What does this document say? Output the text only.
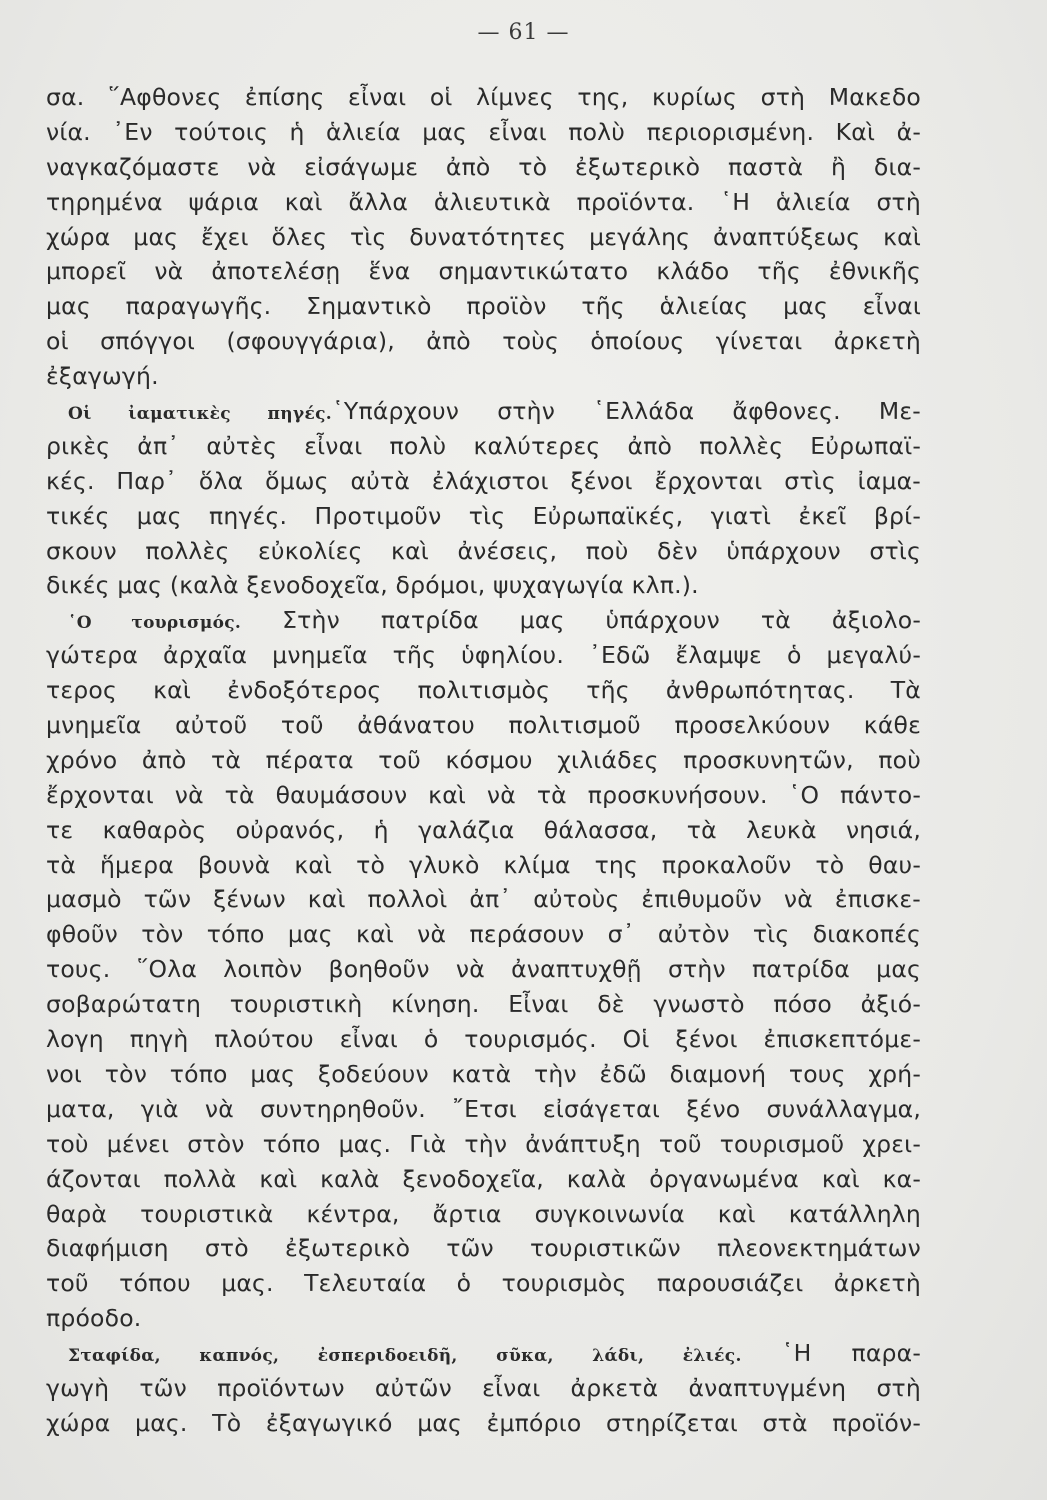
— 61 —
σα. ῞Αφθονες ἐπίσης εἶναι οἱ λίμνες της, κυρίως στὴ Μακεδο
νία. ᾿Εν τούτοις ἡ ἁλιεία μας εἶναι πολὺ περιορισμένη. Καὶ ἀ-
ναγκαζόμαστε νὰ εἰσάγωμε ἀπὸ τὸ ἐξωτερικὸ παστὰ ἢ δια-
τηρημένα ψάρια καὶ ἄλλα ἁλιευτικὰ προϊόντα. ῾Η ἁλιεία στὴ
χώρα μας ἔχει ὅλες τὶς δυνατότητες μεγάλης ἀναπτύξεως καὶ
μπορεῖ νὰ ἀποτελέσῃ ἕνα σημαντικώτατο κλάδο τῆς ἐθνικῆς
μας παραγωγῆς. Σημαντικὸ προϊὸν τῆς ἁλιείας μας εἶναι
οἱ σπόγγοι (σφουγγάρια), ἀπὸ τοὺς ὁποίους γίνεται ἀρκετὴ
ἐξαγωγή.
Οἱ ἰαματικὲς πηγές.῾Υπάρχουν στὴν ῾Ελλάδα ἄφθονες. Με-
ρικὲς ἀπ᾿ αὐτὲς εἶναι πολὺ καλύτερες ἀπὸ πολλὲς Εὐρωπαϊ-
κές. Παρ᾿ ὅλα ὅμως αὐτὰ ἐλάχιστοι ξένοι ἔρχονται στὶς ἰαμα-
τικές μας πηγές. Προτιμοῦν τὶς Εὐρωπαϊκές, γιατὶ ἐκεῖ βρί-
σκουν πολλὲς εὐκολίες καὶ ἀνέσεις, ποὺ δὲν ὑπάρχουν στὶς
δικές μας (καλὰ ξενοδοχεῖα, δρόμοι, ψυχαγωγία κλπ.).
῾Ο τουρισμός. Στὴν πατρίδα μας ὑπάρχουν τὰ ἀξιολο-
γώτερα ἀρχαῖα μνημεῖα τῆς ὑφηλίου. ᾿Εδῶ ἔλαμψε ὁ μεγαλύ-
τερος καὶ ἐνδοξότερος πολιτισμὸς τῆς ἀνθρωπότητας. Τὰ
μνημεῖα αὐτοῦ τοῦ ἀθάνατου πολιτισμοῦ προσελκύουν κάθε
χρόνο ἀπὸ τὰ πέρατα τοῦ κόσμου χιλιάδες προσκυνητῶν, ποὺ
ἔρχονται νὰ τὰ θαυμάσουν καὶ νὰ τὰ προσκυνήσουν. ῾Ο πάντο-
τε καθαρὸς οὐρανός, ἡ γαλάζια θάλασσα, τὰ λευκὰ νησιά,
τὰ ἥμερα βουνὰ καὶ τὸ γλυκὸ κλίμα της προκαλοῦν τὸ θαυ-
μασμὸ τῶν ξένων καὶ πολλοὶ ἀπ᾿ αὐτοὺς ἐπιθυμοῦν νὰ ἐπισκε-
φθοῦν τὸν τόπο μας καὶ νὰ περάσουν σ᾿ αὐτὸν τὶς διακοπές
τους. ῞Ολα λοιπὸν βοηθοῦν νὰ ἀναπτυχθῇ στὴν πατρίδα μας
σοβαρώτατη τουριστικὴ κίνηση. Εἶναι δὲ γνωστὸ πόσο ἀξιό-
λογη πηγὴ πλούτου εἶναι ὁ τουρισμός. Οἱ ξένοι ἐπισκεπτόμε-
νοι τὸν τόπο μας ξοδεύουν κατὰ τὴν ἐδῶ διαμονή τους χρή-
ματα, γιὰ νὰ συντηρηθοῦν. ῎Ετσι εἰσάγεται ξένο συνάλλαγμα,
τοὺ μένει στὸν τόπο μας. Γιὰ τὴν ἀνάπτυξη τοῦ τουρισμοῦ χρει-
άζονται πολλὰ καὶ καλὰ ξενοδοχεῖα, καλὰ ὀργανωμένα καὶ κα-
θαρὰ τουριστικὰ κέντρα, ἄρτια συγκοινωνία καὶ κατάλληλη
διαφήμιση στὸ ἐξωτερικὸ τῶν τουριστικῶν πλεονεκτημάτων
τοῦ τόπου μας. Τελευταία ὁ τουρισμὸς παρουσιάζει ἀρκετὴ
πρόοδο.
Σταφίδα, καπνός, ἐσπεριδοειδῆ, σῦκα, λάδι, ἐλιές. ῾Η παρα-
γωγὴ τῶν προϊόντων αὐτῶν εἶναι ἀρκετὰ ἀναπτυγμένη στὴ
χώρα μας. Τὸ ἐξαγωγικό μας ἐμπόριο στηρίζεται στὰ προϊόν-
